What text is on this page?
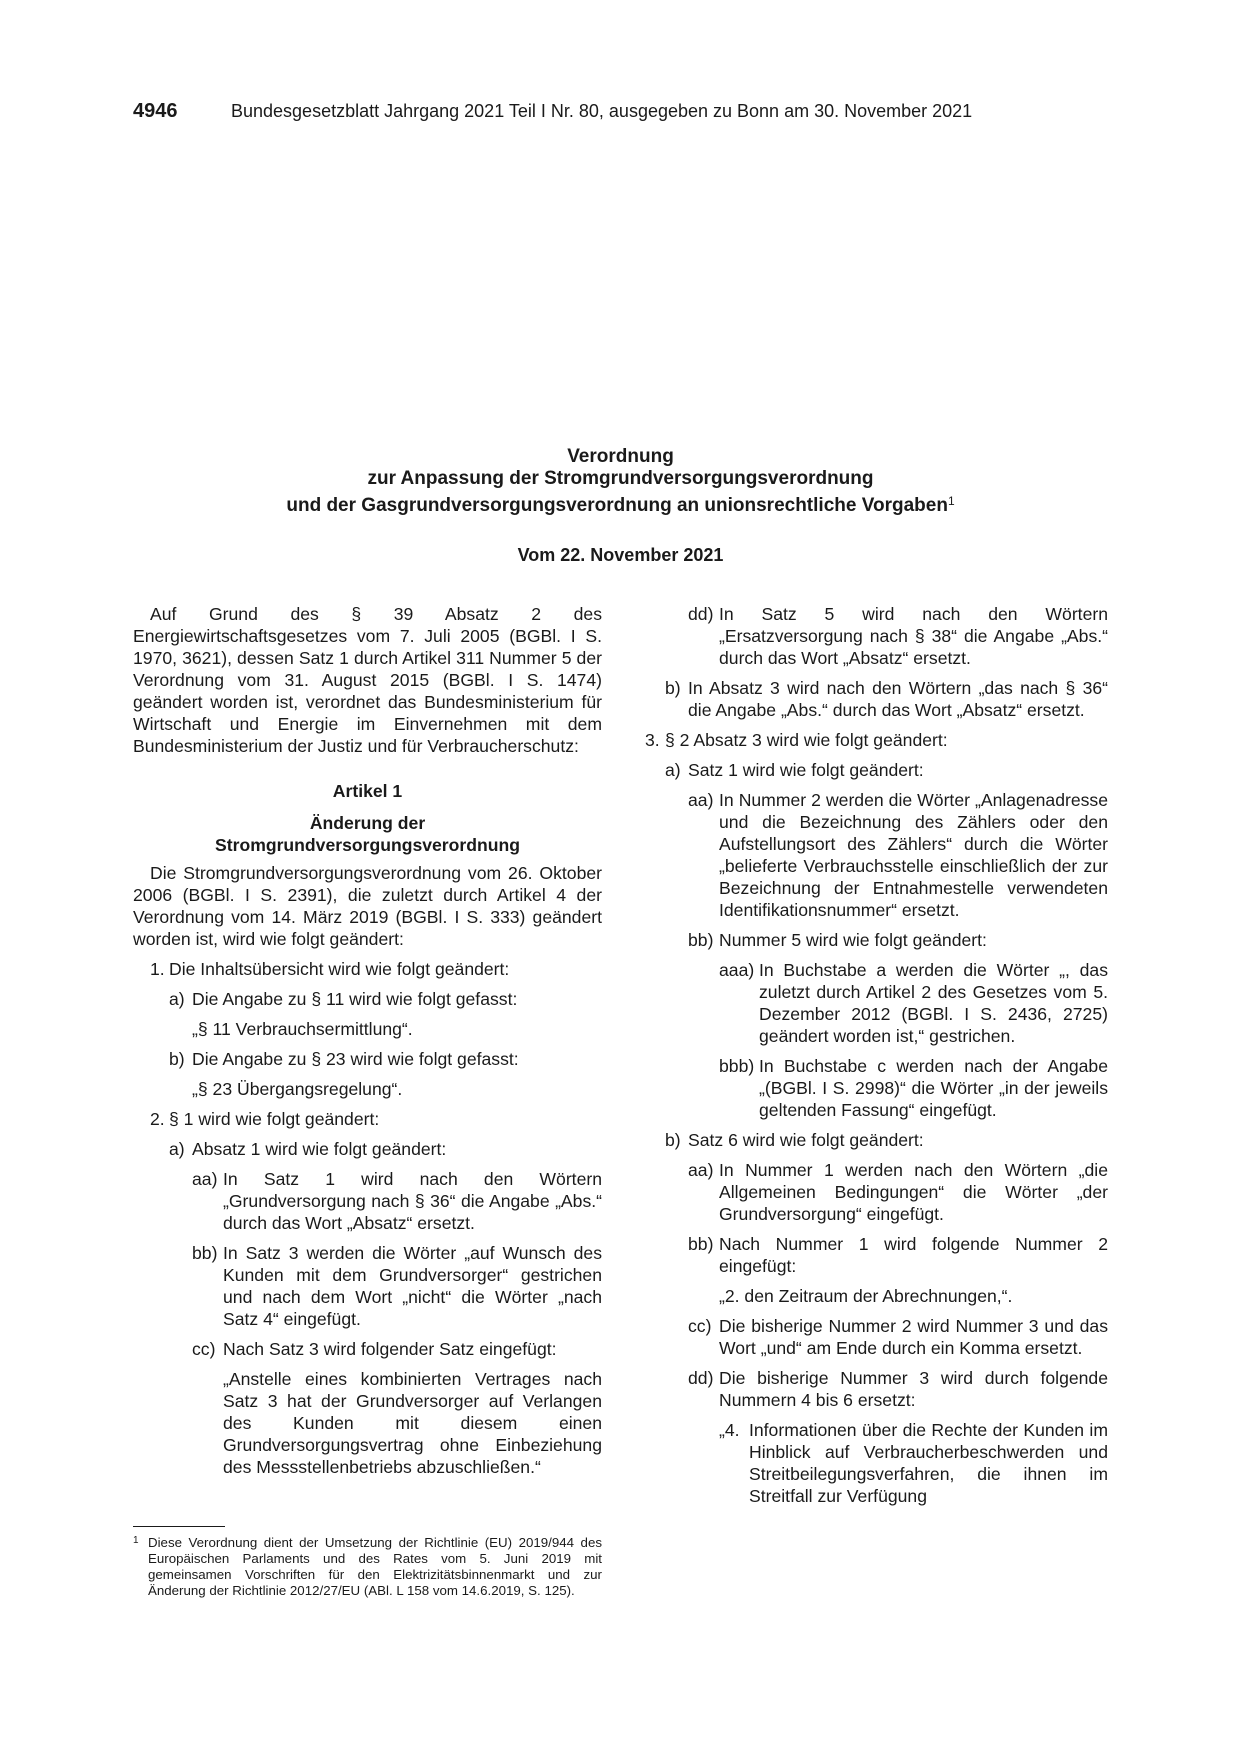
4946	Bundesgesetzblatt Jahrgang 2021 Teil I Nr. 80, ausgegeben zu Bonn am 30. November 2021
Verordnung
zur Anpassung der Stromgrundversorgungsverordnung
und der Gasgrundversorgungsverordnung an unionsrechtliche Vorgaben$^1$
Vom 22. November 2021

Auf Grund des § 39 Absatz 2 des Energiewirtschaftsgesetzes vom 7. Juli 2005 (BGBl. I S. 1970, 3621), dessen Satz 1 durch Artikel 311 Nummer 5 der Verordnung vom 31. August 2015 (BGBl. I S. 1474) geändert worden ist, verordnet das Bundesministerium für Wirtschaft und Energie im Einvernehmen mit dem Bundesministerium der Justiz und für Verbraucherschutz:

Artikel 1

Änderung der

Stromgrundversorgungsverordnung

Die Stromgrundversorgungsverordnung vom 26. Oktober 2006 (BGBl. I S. 2391), die zuletzt durch Artikel 4 der Verordnung vom 14. März 2019 (BGBl. I S. 333) geändert worden ist, wird wie folgt geändert:

1. Die Inhaltsübersicht wird wie folgt geändert:
a) Die Angabe zu § 11 wird wie folgt gefasst:

„§ 11 Verbrauchsermittlung“.

b) Die Angabe zu § 23 wird wie folgt gefasst:

„§ 23 Übergangsregelung“.

2. § 1 wird wie folgt geändert:
a) Absatz 1 wird wie folgt geändert:
aa) In Satz 1 wird nach den Wörtern „Grundversorgung nach § 36“ die Angabe „Abs.“ durch das Wort „Absatz“ ersetzt.
bb) In Satz 3 werden die Wörter „auf Wunsch des Kunden mit dem Grundversorger“ gestrichen und nach dem Wort „nicht“ die Wörter „nach Satz 4“ eingefügt.
cc) Nach Satz 3 wird folgender Satz eingefügt:

„Anstelle eines kombinierten Vertrages nach Satz 3 hat der Grundversorger auf Verlangen des Kunden mit diesem einen Grundversorgungsvertrag ohne Einbeziehung des Messstellenbetriebs abzuschließen.“

dd) In Satz 5 wird nach den Wörtern „Ersatzversorgung nach § 38“ die Angabe „Abs.“ durch das Wort „Absatz“ ersetzt.
b) In Absatz 3 wird nach den Wörtern „das nach § 36“ die Angabe „Abs.“ durch das Wort „Absatz“ ersetzt.
3. § 2 Absatz 3 wird wie folgt geändert:
a) Satz 1 wird wie folgt geändert:
aa) In Nummer 2 werden die Wörter „Anlagenadresse und die Bezeichnung des Zählers oder den Aufstellungsort des Zählers“ durch die Wörter „belieferte Verbrauchsstelle einschließlich der zur Bezeichnung der Entnahmestelle verwendeten Identifikationsnummer“ ersetzt.
bb) Nummer 5 wird wie folgt geändert:
aaa) In Buchstabe a werden die Wörter „, das zuletzt durch Artikel 2 des Gesetzes vom 5. Dezember 2012 (BGBl. I S. 2436, 2725) geändert worden ist,“ gestrichen.
bbb) In Buchstabe c werden nach der Angabe „(BGBl. I S. 2998)“ die Wörter „in der jeweils geltenden Fassung“ eingefügt.
b) Satz 6 wird wie folgt geändert:
aa) In Nummer 1 werden nach den Wörtern „die Allgemeinen Bedingungen“ die Wörter „der Grundversorgung“ eingefügt.
bb) Nach Nummer 1 wird folgende Nummer 2 eingefügt:

„2. den Zeitraum der Abrechnungen,“.

cc) Die bisherige Nummer 2 wird Nummer 3 und das Wort „und“ am Ende durch ein Komma ersetzt.
dd) Die bisherige Nummer 3 wird durch folgende Nummern 4 bis 6 ersetzt:
„4. Informationen über die Rechte der Kunden im Hinblick auf Verbraucherbeschwerden und Streitbeilegungsverfahren, die ihnen im Streitfall zur Verfügung
1 Diese Verordnung dient der Umsetzung der Richtlinie (EU) 2019/944 des Europäischen Parlaments und des Rates vom 5. Juni 2019 mit gemeinsamen Vorschriften für den Elektrizitätsbinnenmarkt und zur Änderung der Richtlinie 2012/27/EU (ABl. L 158 vom 14.6.2019, S. 125).
